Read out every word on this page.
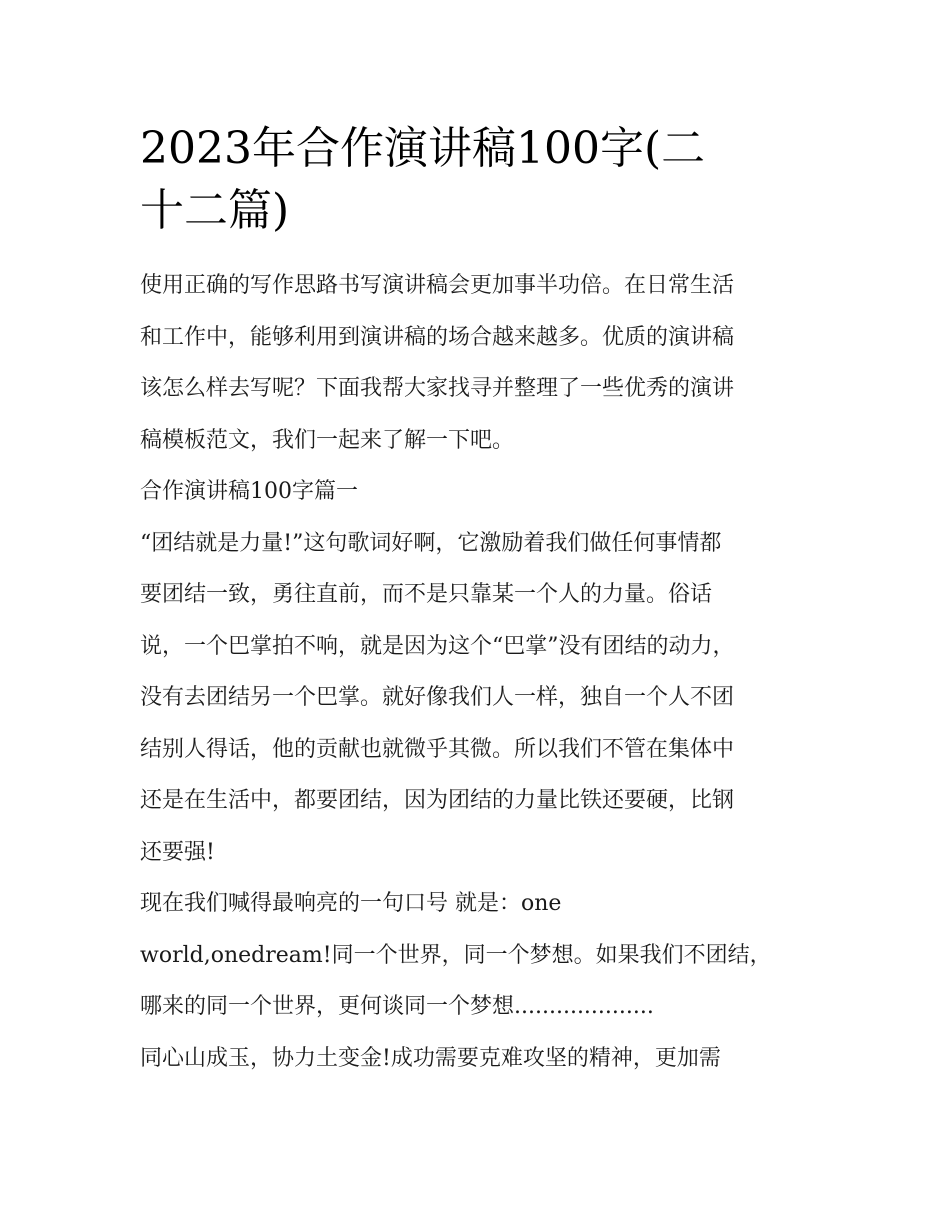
2023年合作演讲稿100字(二
十二篇)

使用正确的写作思路书写演讲稿会更加事半功倍。在日常生活
和工作中，能够利用到演讲稿的场合越来越多。优质的演讲稿
该怎么样去写呢？下面我帮大家找寻并整理了一些优秀的演讲
稿模板范文，我们一起来了解一下吧。

合作演讲稿100字篇一

“团结就是力量!”这句歌词好啊，它激励着我们做任何事情都
要团结一致，勇往直前，而不是只靠某一个人的力量。俗话
说，一个巴掌拍不响，就是因为这个“巴掌”没有团结的动力，
没有去团结另一个巴掌。就好像我们人一样，独自一个人不团
结别人得话，他的贡献也就微乎其微。所以我们不管在集体中
还是在生活中，都要团结，因为团结的力量比铁还要硬，比钢
还要强!

现在我们喊得最响亮的一句口号 就是：one
world,onedream!同一个世界，同一个梦想。如果我们不团结，
哪来的同一个世界，更何谈同一个梦想....................

同心山成玉，协力土变金!成功需要克难攻坚的精神，更加需
